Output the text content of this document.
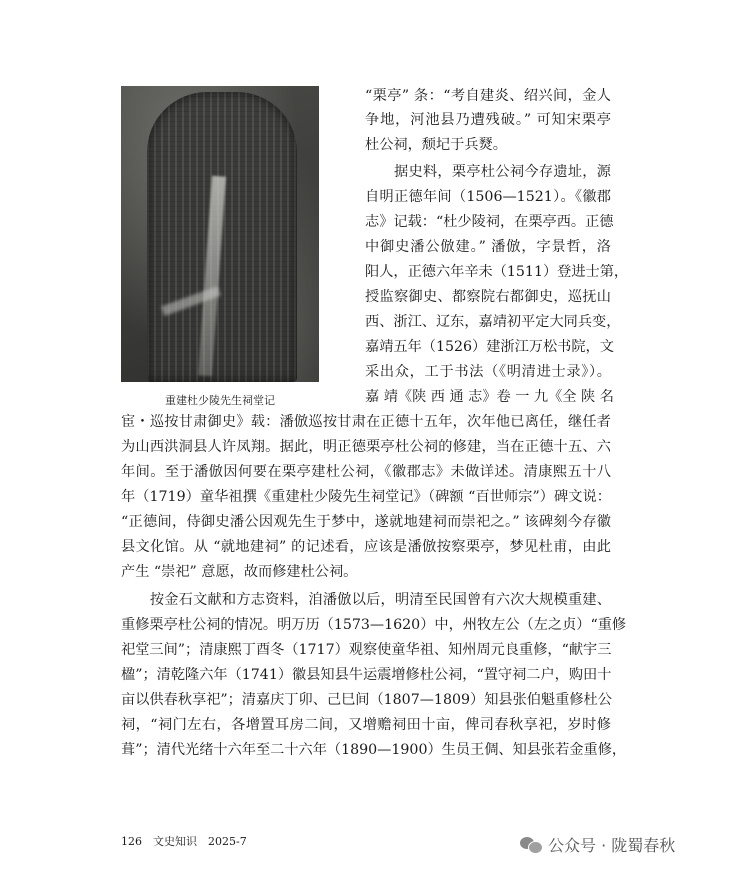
重建杜少陵先生祠堂记
“栗亭” 条：“考自建炎、绍兴间，金人
争地，河池县乃遭残破。” 可知宋栗亭
杜公祠，颓圮于兵燹。
　　据史料，栗亭杜公祠今存遗址，源
自明正德年间（1506—1521）。《徽郡
志》记载：“杜少陵祠，在栗亭西。正德
中御史潘公倣建。” 潘倣，字景哲，洛
阳人，正德六年辛未（1511）登进士第，
授监察御史、都察院右都御史，巡抚山
西、浙江、辽东，嘉靖初平定大同兵变，
嘉靖五年（1526）建浙江万松书院，文
采出众，工于书法（《明清进士录》）。
嘉 靖《陕 西 通 志》卷 一 九《全 陕 名
宦・巡按甘肃御史》载：潘倣巡按甘肃在正德十五年，次年他已离任，继任者
为山西洪洞县人许凤翔。据此，明正德栗亭杜公祠的修建，当在正德十五、六
年间。至于潘倣因何要在栗亭建杜公祠，《徽郡志》未做详述。清康熙五十八
年（1719）童华祖撰《重建杜少陵先生祠堂记》（碑额 “百世师宗”）碑文说：
“正德间，侍御史潘公因观先生于梦中，遂就地建祠而崇祀之。” 该碑刻今存徽
县文化馆。从 “就地建祠” 的记述看，应该是潘倣按察栗亭，梦见杜甫，由此
产生 “崇祀” 意愿，故而修建杜公祠。
　　按金石文献和方志资料，洎潘倣以后，明清至民国曾有六次大规模重建、
重修栗亭杜公祠的情况。明万历（1573—1620）中，州牧左公（左之贞）“重修
祀堂三间”；清康熙丁酉冬（1717）观察使童华祖、知州周元良重修，“献宇三
楹”；清乾隆六年（1741）徽县知县牛运震增修杜公祠，“置守祠二户，购田十
亩以供春秋享祀”；清嘉庆丁卯、己巳间（1807—1809）知县张伯魁重修杜公
祠，“祠门左右，各增置耳房二间，又增赡祠田十亩，俾司春秋享祀，岁时修
葺”；清代光绪十六年至二十六年（1890—1900）生员王倜、知县张若金重修，
126　文史知识　2025-7	公众号 · 陇蜀春秋
